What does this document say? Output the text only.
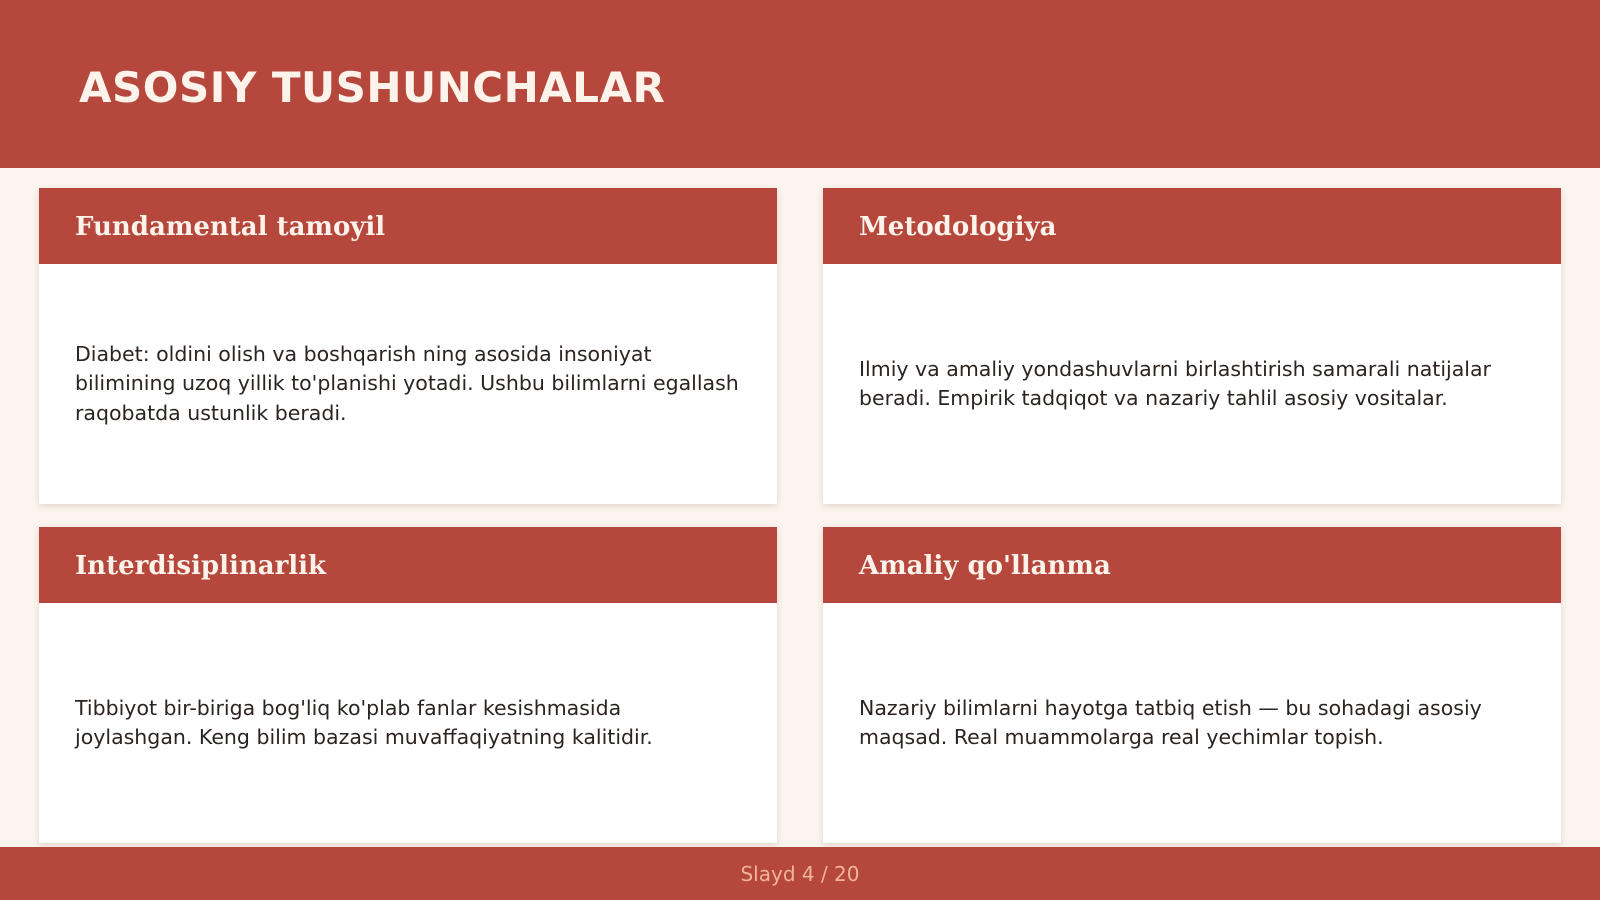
ASOSIY TUSHUNCHALAR
Fundamental tamoyil

Diabet: oldini olish va boshqarish ning asosida insoniyat bilimining uzoq yillik to'planishi yotadi. Ushbu bilimlarni egallash raqobatda ustunlik beradi.

Metodologiya

Ilmiy va amaliy yondashuvlarni birlashtirish samarali natijalar beradi. Empirik tadqiqot va nazariy tahlil asosiy vositalar.

Interdisiplinarlik

Tibbiyot bir-biriga bog'liq ko'plab fanlar kesishmasida joylashgan. Keng bilim bazasi muvaffaqiyatning kalitidir.

Amaliy qo'llanma

Nazariy bilimlarni hayotga tatbiq etish — bu sohadagi asosiy maqsad. Real muammolarga real yechimlar topish.

Slayd 4 / 20
